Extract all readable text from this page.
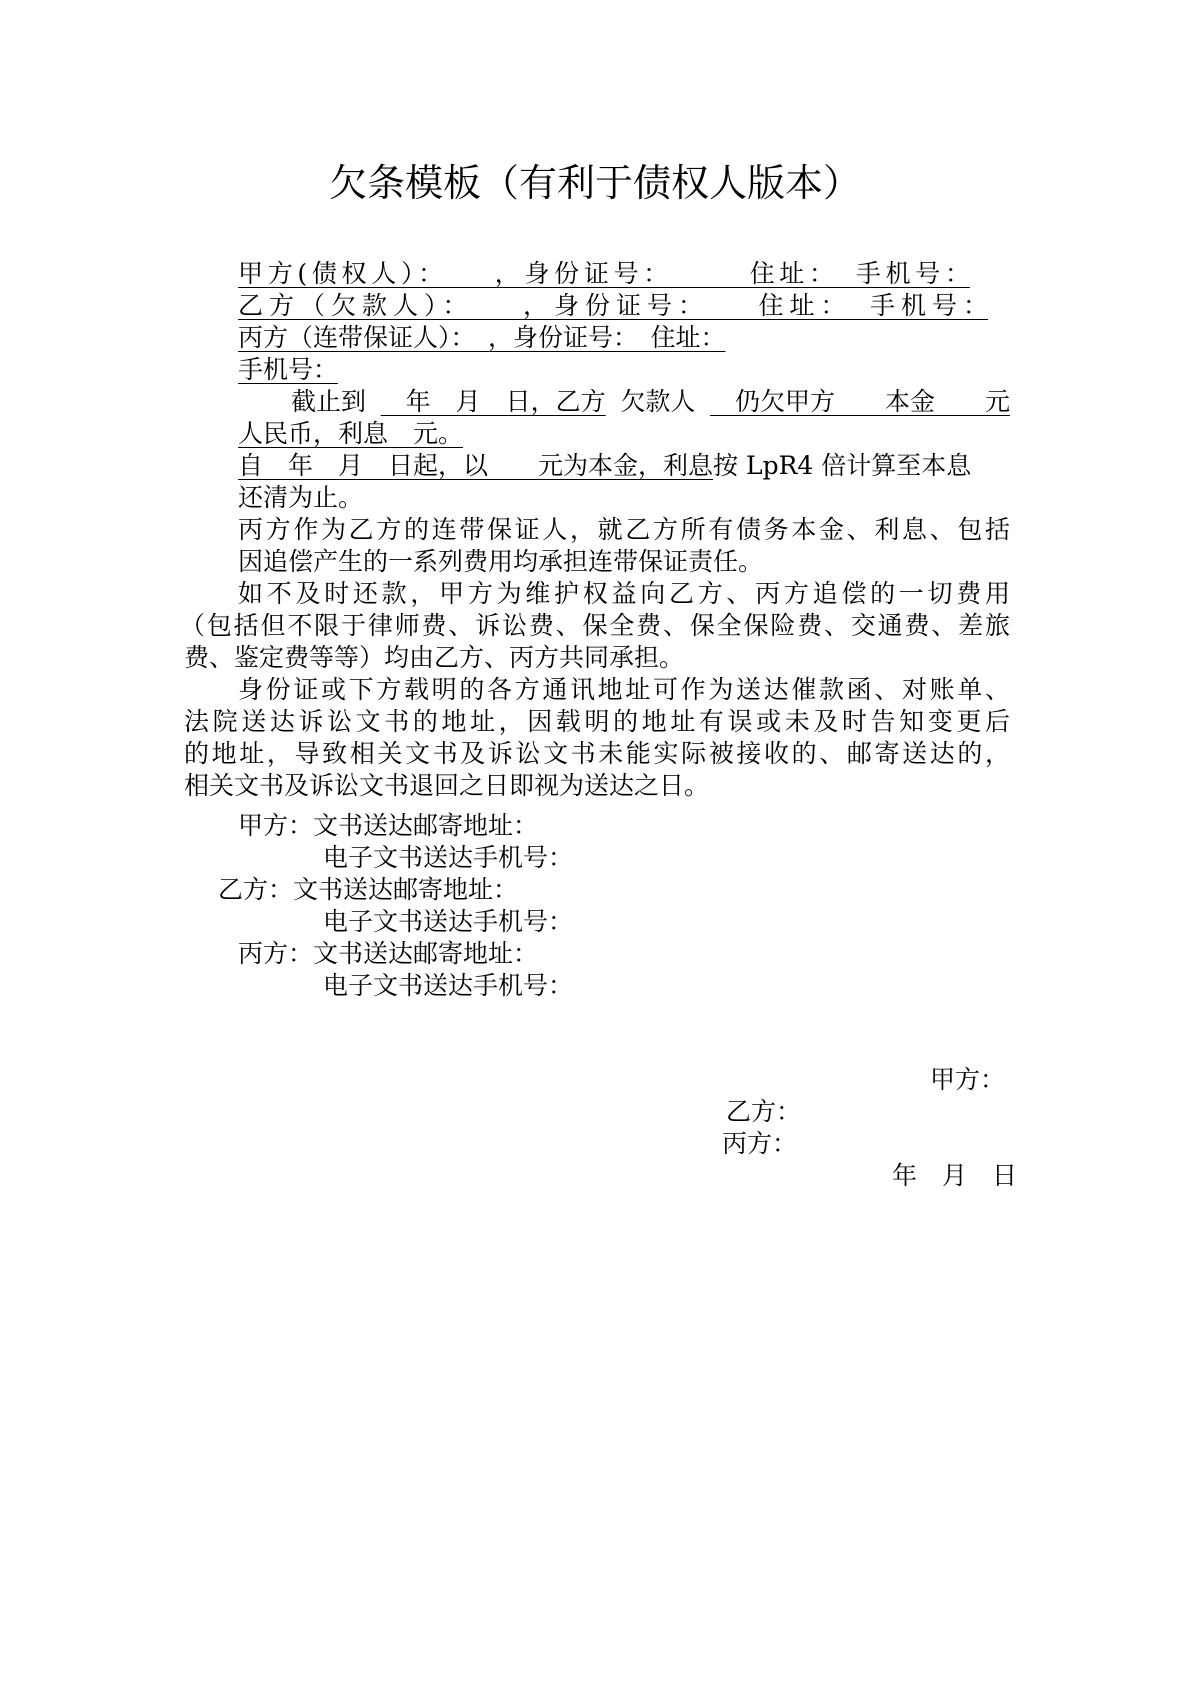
欠条模板（有利于债权人版本）
甲方(债权人）：　　，身份证号：　　　住址：　手机号：
乙方（欠款人）：　　，身份证号：　　住址：　手机号：
丙方（连带保证人）：　，身份证号：　住址：
手机号：
截止到 　年　月　日，乙方 欠款人 　仍欠甲方　　本金　　元
人民币，利息　元。
自　年　月　日起，以　　元为本金，利息按 LpR4 倍计算至本息
还清为止。
丙方作为乙方的连带保证人，就乙方所有债务本金、利息、包括
因追偿产生的一系列费用均承担连带保证责任。
如不及时还款，甲方为维护权益向乙方、丙方追偿的一切费用
（包括但不限于律师费、诉讼费、保全费、保全保险费、交通费、差旅
费、鉴定费等等）均由乙方、丙方共同承担。
身份证或下方载明的各方通讯地址可作为送达催款函、对账单、
法院送达诉讼文书的地址，因载明的地址有误或未及时告知变更后
的地址，导致相关文书及诉讼文书未能实际被接收的、邮寄送达的，
相关文书及诉讼文书退回之日即视为送达之日。
甲方：文书送达邮寄地址：
电子文书送达手机号：
乙方：文书送达邮寄地址：
电子文书送达手机号：
丙方：文书送达邮寄地址：
电子文书送达手机号：
甲方：
乙方：
丙方：
年　月　日
